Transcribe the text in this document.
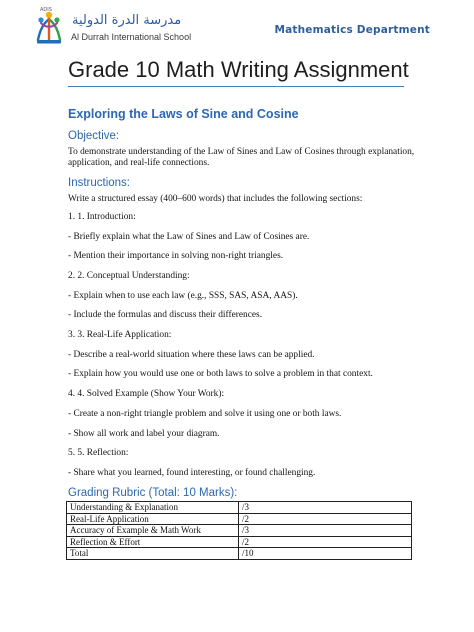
ADIS
مدرسة الدرة الدولية
Al Durrah International School
Mathematics Department
Grade 10 Math Writing Assignment
Exploring the Laws of Sine and Cosine
Objective:
To demonstrate understanding of the Law of Sines and Law of Cosines through explanation,
application, and real-life connections.
Instructions:
Write a structured essay (400–600 words) that includes the following sections:
1. 1. Introduction:
- Briefly explain what the Law of Sines and Law of Cosines are.
- Mention their importance in solving non-right triangles.
2. 2. Conceptual Understanding:
- Explain when to use each law (e.g., SSS, SAS, ASA, AAS).
- Include the formulas and discuss their differences.
3. 3. Real-Life Application:
- Describe a real-world situation where these laws can be applied.
- Explain how you would use one or both laws to solve a problem in that context.
4. 4. Solved Example (Show Your Work):
- Create a non-right triangle problem and solve it using one or both laws.
- Show all work and label your diagram.
5. 5. Reflection:
- Share what you learned, found interesting, or found challenging.
Grading Rubric (Total: 10 Marks):
Understanding & Explanation	/3
Real-Life Application	/2
Accuracy of Example & Math Work	/3
Reflection & Effort	/2
Total	/10
